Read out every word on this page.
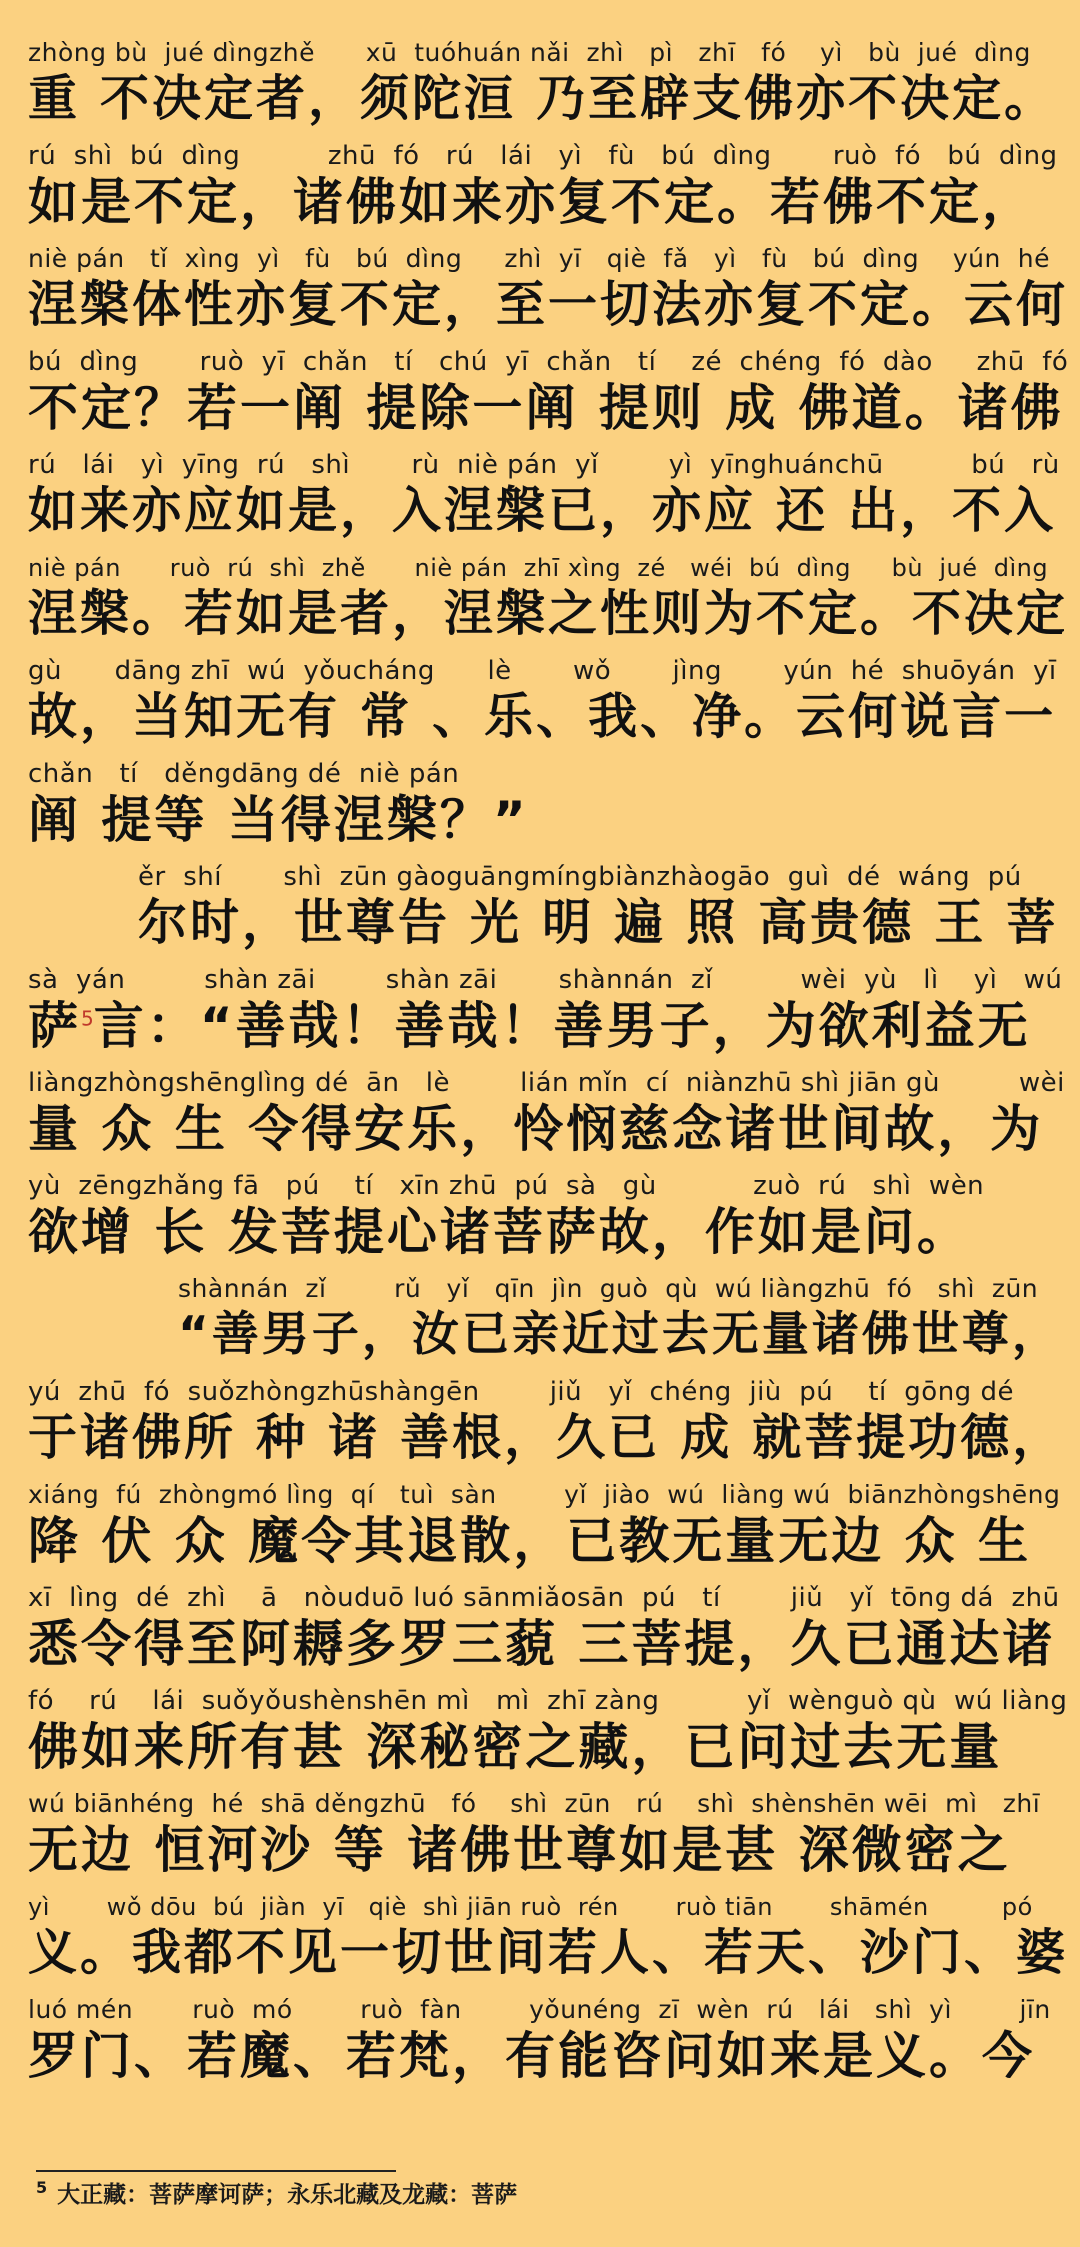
zhòng bù  jué dìngzhě      xū  tuóhuán nǎi  zhì   pì   zhī   fó    yì   bù  jué  dìng
重 不决定者，须陀洹 乃至辟支佛亦不决定。
rú  shì  bú  dìng          zhū  fó   rú   lái   yì   fù   bú  dìng       ruò  fó   bú  dìng
如是不定，诸佛如来亦复不定。若佛不定，
niè pán   tǐ  xìng  yì   fù   bú  dìng     zhì  yī   qiè  fǎ   yì   fù   bú  dìng    yún  hé
涅槃体性亦复不定，至一切法亦复不定。云何
bú  dìng       ruò  yī  chǎn   tí   chú  yī  chǎn   tí    zé  chéng  fó  dào     zhū  fó
不定？若一阐 提除一阐 提则 成 佛道。诸佛
rú   lái   yì  yīng  rú   shì       rù  niè pán  yǐ        yì  yīnghuánchū          bú   rù
如来亦应如是，入涅槃已，亦应 还 出，不入
niè pán      ruò  rú  shì  zhě      niè pán  zhī xìng  zé   wéi  bú  dìng     bù  jué  dìng
涅槃。若如是者，涅槃之性则为不定。不决定
gù      dāng zhī  wú  yǒucháng      lè       wǒ       jìng       yún  hé  shuōyán  yī
故，当知无有 常 、乐、我、净。云何说言一
chǎn   tí   děngdāng dé  niè pán
阐 提等 当得涅槃？”
ěr  shí       shì  zūn gàoguāngmíngbiànzhàogāo  guì  dé  wáng  pú
尔时，世尊告 光 明 遍 照 高贵德 王 菩
sà  yán         shàn zāi        shàn zāi       shànnán  zǐ          wèi  yù   lì    yì   wú
萨$^5$言：“善哉！善哉！善男子，为欲利益无
liàngzhòngshēnglìng dé  ān   lè        lián mǐn  cí  niànzhū shì jiān gù         wèi
量 众 生 令得安乐，怜悯慈念诸世间故，为
yù  zēngzhǎng fā   pú    tí   xīn zhū  pú  sà   gù           zuò  rú   shì  wèn
欲增 长 发菩提心诸菩萨故，作如是问。
shànnán  zǐ        rǔ   yǐ   qīn  jìn  guò  qù  wú liàngzhū  fó   shì  zūn
“善男子，汝已亲近过去无量诸佛世尊，
yú  zhū  fó  suǒzhòngzhūshàngēn        jiǔ   yǐ  chéng  jiù  pú    tí  gōng dé
于诸佛所 种 诸 善根，久已 成 就菩提功德，
xiáng  fú  zhòngmó lìng  qí   tuì  sàn        yǐ  jiào  wú  liàng wú  biānzhòngshēng
降 伏 众 魔令其退散，已教无量无边 众 生
xī  lìng  dé  zhì    ā   nòuduō luó sānmiǎosān  pú   tí        jiǔ   yǐ  tōng dá  zhū
悉令得至阿耨多罗三藐 三菩提，久已通达诸
fó    rú    lái  suǒyǒushènshēn mì   mì  zhī zàng          yǐ  wènguò qù  wú liàng
佛如来所有甚 深秘密之藏，已问过去无量
wú biānhéng  hé  shā děngzhū   fó    shì  zūn   rú    shì  shènshēn wēi  mì   zhī
无边 恒河沙 等 诸佛世尊如是甚 深微密之
yì       wǒ dōu  bú  jiàn  yī   qiè  shì jiān ruò  rén       ruò tiān       shāmén         pó
义。我都不见一切世间若人、若天、沙门、婆
luó mén       ruò  mó        ruò  fàn        yǒunéng  zī  wèn  rú   lái   shì  yì        jīn
罗门、若魔、若梵，有能咨问如来是义。今
$^5$ 大正藏：菩萨摩诃萨；永乐北藏及龙藏：菩萨
